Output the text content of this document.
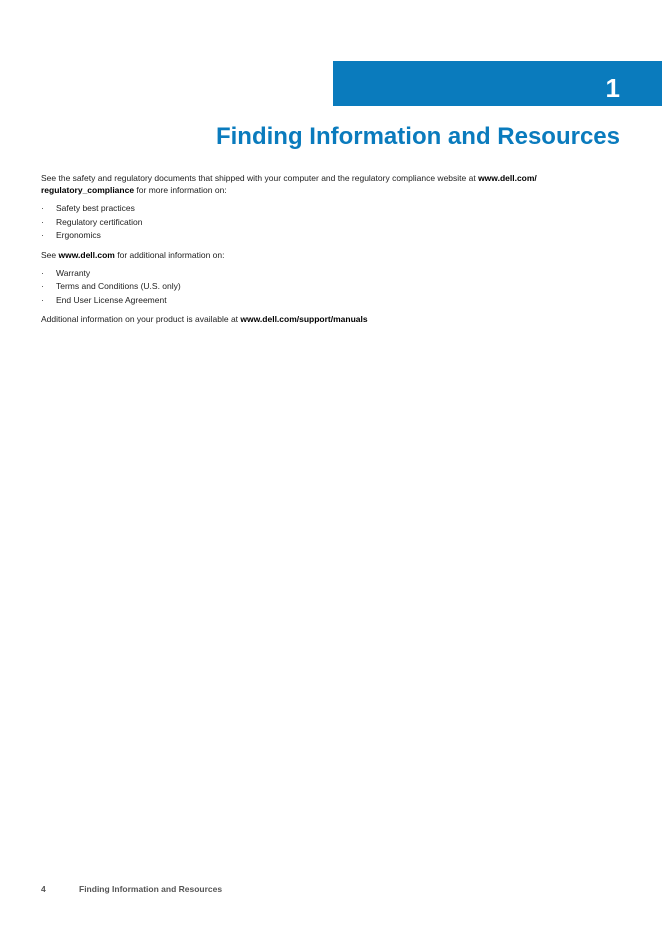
1
Finding Information and Resources

See the safety and regulatory documents that shipped with your computer and the regulatory compliance website at www.dell.com/ regulatory_compliance for more information on:

· Safety best practices
· Regulatory certification
· Ergonomics

See www.dell.com for additional information on:

· Warranty
· Terms and Conditions (U.S. only)
· End User License Agreement

Additional information on your product is available at www.dell.com/support/manuals

4	Finding Information and Resources
